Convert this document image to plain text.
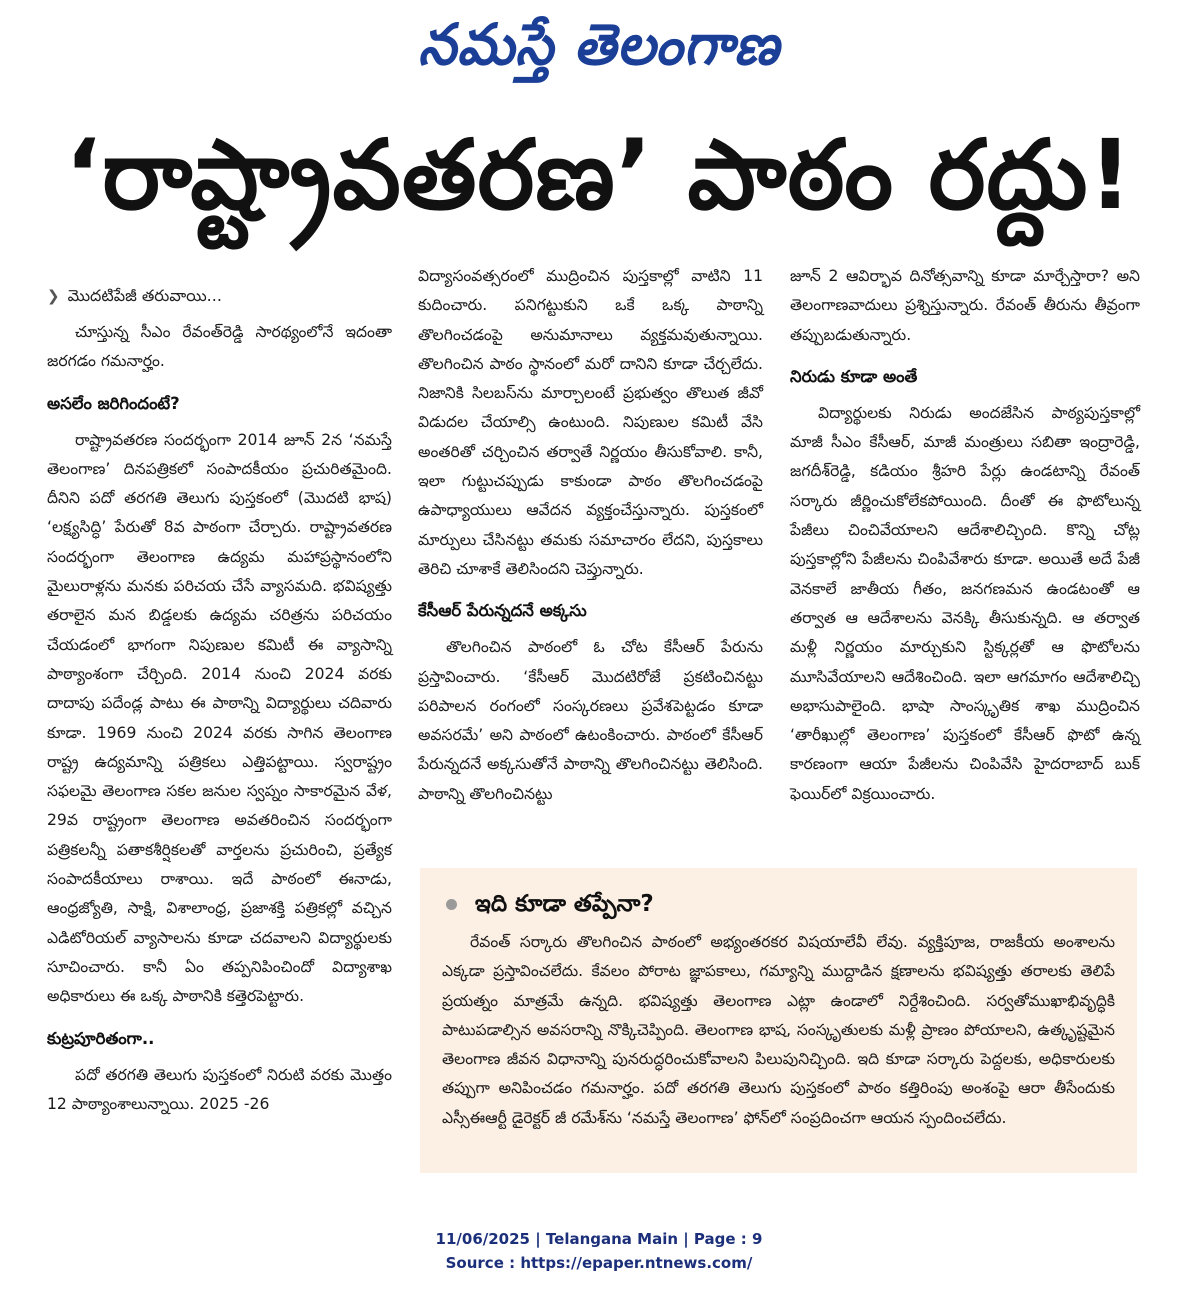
నమస్తే తెలంగాణ
‘రాష్ట్రావతరణ’ పాఠం రద్దు!
❯ మొదటిపేజీ తరువాయి...

చూస్తున్న సీఎం రేవంత్‌రెడ్డి సారథ్యంలోనే ఇదంతా జరగడం గమనార్హం.

అసలేం జరిగిందంటే?

రాష్ట్రావతరణ సందర్భంగా 2014 జూన్ 2న ‘నమస్తే తెలంగాణ’ దినపత్రికలో సంపాదకీయం ప్రచురితమైంది. దీనిని పదో తరగతి తెలుగు పుస్తకంలో (మొదటి భాష) ‘లక్ష్యసిద్ధి’ పేరుతో 8వ పాఠంగా చేర్చారు. రాష్ట్రావతరణ సందర్భంగా తెలంగాణ ఉద్యమ మహాప్రస్థానంలోని మైలురాళ్లను మనకు పరిచయ చేసే వ్యాసమది. భవిష్యత్తు తరాలైన మన బిడ్డలకు ఉద్యమ చరిత్రను పరిచయం చేయడంలో భాగంగా నిపుణుల కమిటీ ఈ వ్యాసాన్ని పాఠ్యాంశంగా చేర్చింది. 2014 నుంచి 2024 వరకు దాదాపు పదేండ్ల పాటు ఈ పాఠాన్ని విద్యార్థులు చదివారు కూడా. 1969 నుంచి 2024 వరకు సాగిన తెలంగాణ రాష్ట్ర ఉద్యమాన్ని పత్రికలు ఎత్తిపట్టాయి. స్వరాష్ట్రం సఫలమై తెలంగాణ సకల జనుల స్వప్నం సాకారమైన వేళ, 29వ రాష్ట్రంగా తెలంగాణ అవతరించిన సందర్భంగా పత్రికలన్నీ పతాకశీర్షికలతో వార్తలను ప్రచురించి, ప్రత్యేక సంపాదకీయాలు రాశాయి. ఇదే పాఠంలో ఈనాడు, ఆంధ్రజ్యోతి, సాక్షి, విశాలాంధ్ర, ప్రజాశక్తి పత్రికల్లో వచ్చిన ఎడిటోరియల్ వ్యాసాలను కూడా చదవాలని విద్యార్థులకు సూచించారు. కానీ ఏం తప్పనిపించిందో విద్యాశాఖ అధికారులు ఈ ఒక్క పాఠానికి కత్తెరపెట్టారు.

కుట్రపూరితంగా..

పదో తరగతి తెలుగు పుస్తకంలో నిరుటి వరకు మొత్తం 12 పాఠ్యాంశాలున్నాయి. 2025 -26

విద్యాసంవత్సరంలో ముద్రించిన పుస్తకాల్లో వాటిని 11 కుదించారు. పనిగట్టుకుని ఒకే ఒక్క పాఠాన్ని తొలగించడంపై అనుమానాలు వ్యక్తమవుతున్నాయి. తొలగించిన పాఠం స్థానంలో మరో దానిని కూడా చేర్చలేదు. నిజానికి సిలబస్‌ను మార్చాలంటే ప్రభుత్వం తొలుత జీవో విడుదల చేయాల్సి ఉంటుంది. నిపుణుల కమిటీ వేసి అంతరితో చర్చించిన తర్వాతే నిర్ణయం తీసుకోవాలి. కానీ, ఇలా గుట్టుచప్పుడు కాకుండా పాఠం తొలగించడంపై ఉపాధ్యాయులు ఆవేదన వ్యక్తంచేస్తున్నారు. పుస్తకంలో మార్పులు చేసినట్టు తమకు సమాచారం లేదని, పుస్తకాలు తెరిచి చూశాకే తెలిసిందని చెప్తున్నారు.

కేసీఆర్ పేరున్నదనే అక్కసు

తొలగించిన పాఠంలో ఓ చోట కేసీఆర్ పేరును ప్రస్తావించారు. ‘కేసీఆర్ మొదటిరోజే ప్రకటించినట్టు పరిపాలన రంగంలో సంస్కరణలు ప్రవేశపెట్టడం కూడా అవసరమే’ అని పాఠంలో ఉటంకించారు. పాఠంలో కేసీఆర్ పేరున్నదనే అక్కసుతోనే పాఠాన్ని తొలగించినట్టు తెలిసింది. పాఠాన్ని తొలగించినట్టు

జూన్ 2 ఆవిర్భావ దినోత్సవాన్ని కూడా మార్చేస్తారా? అని తెలంగాణవాదులు ప్రశ్నిస్తున్నారు. రేవంత్ తీరును తీవ్రంగా తప్పుబడుతున్నారు.

నిరుడు కూడా అంతే

విద్యార్థులకు నిరుడు అందజేసిన పాఠ్యపుస్తకాల్లో మాజీ సీఎం కేసీఆర్, మాజీ మంత్రులు సబితా ఇంద్రారెడ్డి, జగదీశ్‌రెడ్డి, కడియం శ్రీహరి పేర్లు ఉండటాన్ని రేవంత్ సర్కారు జీర్ణించుకోలేకపోయింది. దీంతో ఈ ఫొటోలున్న పేజీలు చించివేయాలని ఆదేశాలిచ్చింది. కొన్ని చోట్ల పుస్తకాల్లోని పేజీలను చింపివేశారు కూడా. అయితే అదే పేజీ వెనకాలే జాతీయ గీతం, జనగణమన ఉండటంతో ఆ తర్వాత ఆ ఆదేశాలను వెనక్కి తీసుకున్నది. ఆ తర్వాత మళ్లీ నిర్ణయం మార్చుకుని స్టిక్కర్లతో ఆ ఫొటోలను మూసివేయాలని ఆదేశించింది. ఇలా ఆగమాగం ఆదేశాలిచ్చి అభాసుపాలైంది. భాషా సాంస్కృతిక శాఖ ముద్రించిన ‘తారీఖుల్లో తెలంగాణ’ పుస్తకంలో కేసీఆర్ ఫొటో ఉన్న కారణంగా ఆయా పేజీలను చింపివేసి హైదరాబాద్ బుక్ ఫెయిర్‌లో విక్రయించారు.

ఇది కూడా తప్పేనా?

రేవంత్ సర్కారు తొలగించిన పాఠంలో అభ్యంతరకర విషయాలేవీ లేవు. వ్యక్తిపూజ, రాజకీయ అంశాలను ఎక్కడా ప్రస్తావించలేదు. కేవలం పోరాట జ్ఞాపకాలు, గమ్యాన్ని ముద్దాడిన క్షణాలను భవిష్యత్తు తరాలకు తెలిపే ప్రయత్నం మాత్రమే ఉన్నది. భవిష్యత్తు తెలంగాణ ఎట్లా ఉండాలో నిర్దేశించింది. సర్వతోముఖాభివృద్ధికి పాటుపడాల్సిన అవసరాన్ని నొక్కిచెప్పింది. తెలంగాణ భాష, సంస్కృతులకు మళ్లీ ప్రాణం పోయాలని, ఉత్కృష్టమైన తెలంగాణ జీవన విధానాన్ని పునరుద్ధరించుకోవాలని పిలుపునిచ్చింది. ఇది కూడా సర్కారు పెద్దలకు, అధికారులకు తప్పుగా అనిపించడం గమనార్హం. పదో తరగతి తెలుగు పుస్తకంలో పాఠం కత్తిరింపు అంశంపై ఆరా తీసేందుకు ఎస్సీఈఆర్టీ డైరెక్టర్ జీ రమేశ్‌ను ‘నమస్తే తెలంగాణ’ ఫోన్‌లో సంప్రదించగా ఆయన స్పందించలేదు.

11/06/2025 | Telangana Main | Page : 9
Source : https://epaper.ntnews.com/
